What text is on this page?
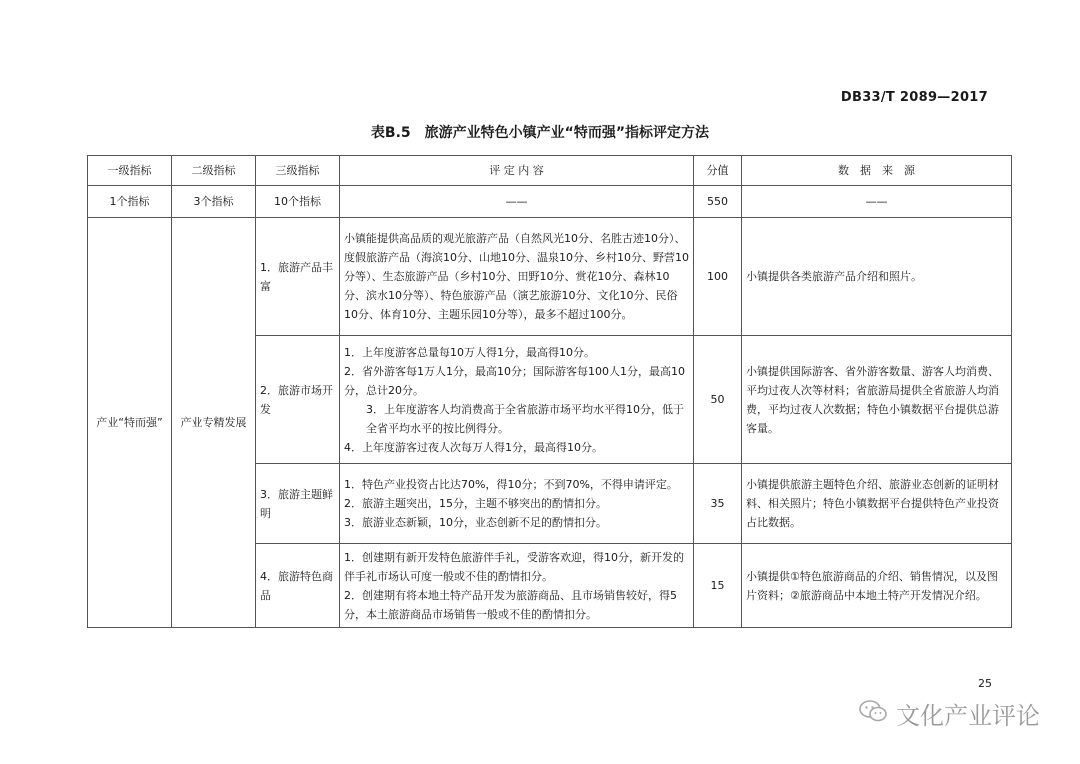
DB33/T 2089—2017
表B.5　旅游产业特色小镇产业“特而强”指标评定方法
一级指标	二级指标	三级指标	评 定 内 容	分值	数　据　来　源
1个指标	3个指标	10个指标	——	550	——
产业“特而强”	产业专精发展	1．旅游产品丰富	小镇能提供高品质的观光旅游产品（自然风光10分、名胜古迹10分）、度假旅游产品（海滨10分、山地10分、温泉10分、乡村10分、野营10分等）、生态旅游产品（乡村10分、田野10分、赏花10分、森林10分、滨水10分等）、特色旅游产品（演艺旅游10分、文化10分、民俗10分、体育10分、主题乐园10分等），最多不超过100分。	100	小镇提供各类旅游产品介绍和照片。
		2．旅游市场开发	1．上年度游客总量每10万人得1分，最高得10分。
2．省外游客每1万人1分，最高10分；国际游客每100人1分，最高10分，总计20分。
3．上年度游客人均消费高于全省旅游市场平均水平得10分，低于全省平均水平的按比例得分。
4．上年度游客过夜人次每万人得1分，最高得10分。	50	小镇提供国际游客、省外游客数量、游客人均消费、平均过夜人次等材料；省旅游局提供全省旅游人均消费，平均过夜人次数据；特色小镇数据平台提供总游客量。
		3．旅游主题鲜明	1．特色产业投资占比达70%，得10分；不到70%，不得申请评定。
2．旅游主题突出，15分，主题不够突出的酌情扣分。
3．旅游业态新颖，10分，业态创新不足的酌情扣分。	35	小镇提供旅游主题特色介绍、旅游业态创新的证明材料、相关照片；特色小镇数据平台提供特色产业投资占比数据。
		4．旅游特色商品	1．创建期有新开发特色旅游伴手礼，受游客欢迎，得10分，新开发的伴手礼市场认可度一般或不佳的酌情扣分。
2．创建期有将本地土特产品开发为旅游商品、且市场销售较好，得5分，本土旅游商品市场销售一般或不佳的酌情扣分。	15	小镇提供①特色旅游商品的介绍、销售情况，以及图片资料；②旅游商品中本地土特产开发情况介绍。
25
文化产业评论
